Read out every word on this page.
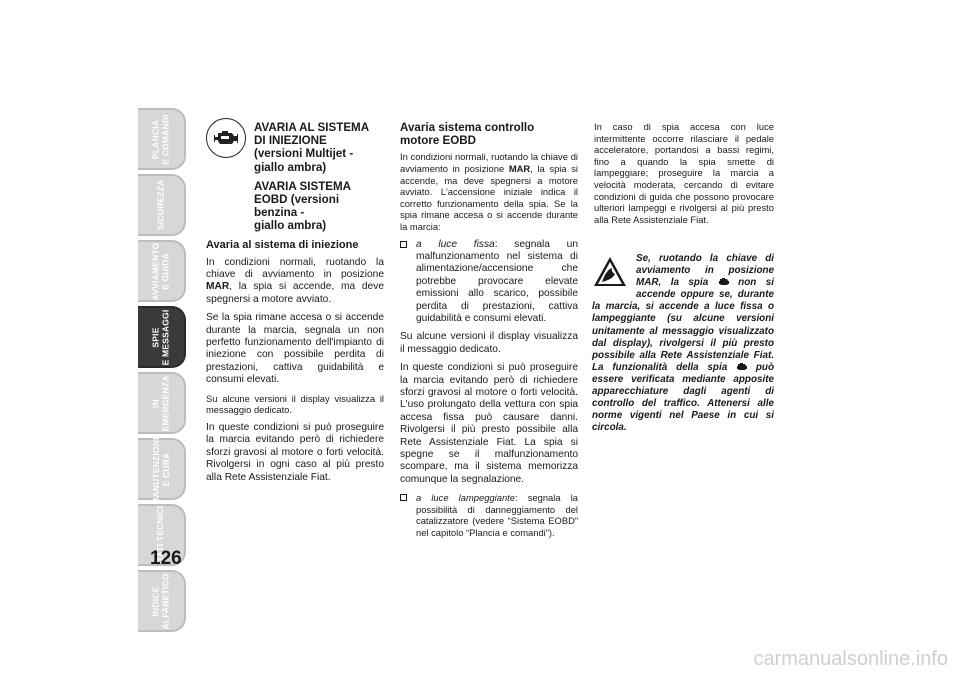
PLANCIA
E COMANDI
SICUREZZA
AVVIAMENTO
E GUIDA
SPIE
E MESSAGGI
IN
EMERGENZA
MANUTENZIONE
E CURA
DATI TECNICI
INDICE
ALFABETICO
126
AVARIA AL SISTEMA
DI INIEZIONE
(versioni Multijet -
giallo ambra)
AVARIA SISTEMA
EOBD (versioni benzina -
giallo ambra)
Avaria al sistema di iniezione

In condizioni normali, ruotando la chiave di avviamento in posizione MAR, la spia si accende, ma deve spegnersi a motore avviato.

Se la spia rimane accesa o si accende durante la marcia, segnala un non perfetto funzionamento dell'impianto di iniezione con possibile perdita di prestazioni, cattiva guidabilità e consumi elevati.

Su alcune versioni il display visualizza il messaggio dedicato.

In queste condizioni si può proseguire la marcia evitando però di richiedere sforzi gravosi al motore o forti velocità. Rivolgersi in ogni caso al più presto alla Rete Assistenziale Fiat.

Avaria sistema controllo
motore EOBD

In condizioni normali, ruotando la chiave di avviamento in posizione MAR, la spia si accende, ma deve spegnersi a motore avviato. L'accensione iniziale indica il corretto funzionamento della spia. Se la spia rimane accesa o si accende durante la marcia:

a luce fissa: segnala un malfunzionamento nel sistema di alimentazione/accensione che potrebbe provocare elevate emissioni allo scarico, possibile perdita di prestazioni, cattiva guidabilità e consumi elevati.

Su alcune versioni il display visualizza il messaggio dedicato.

In queste condizioni si può proseguire la marcia evitando però di richiedere sforzi gravosi al motore o forti velocità. L'uso prolungato della vettura con spia accesa fissa può causare danni. Rivolgersi il più presto possibile alla Rete Assistenziale Fiat. La spia si spegne se il malfunzionamento scompare, ma il sistema memorizza comunque la segnalazione.

a luce lampeggiante: segnala la possibilità di danneggiamento del catalizzatore (vedere “Sistema EOBD” nel capitolo “Plancia e comandi”).

In caso di spia accesa con luce intermittente occorre rilasciare il pedale acceleratore, portandosi a bassi regimi, fino a quando la spia smette di lampeggiare; proseguire la marcia a velocità moderata, cercando di evitare condizioni di guida che possono provocare ulteriori lampeggi e rivolgersi al più presto alla Rete Assistenziale Fiat.

Se, ruotando la chiave di avviamento in posizione MAR, la spia  non si accende oppure se, durante la marcia, si accende a luce fissa o lampeggiante (su alcune versioni unitamente al messaggio visualizzato dal display), rivolgersi il più presto possibile alla Rete Assistenziale Fiat. La funzionalità della spia  può essere verificata mediante apposite apparecchiature dagli agenti di controllo del traffico. Attenersi alle norme vigenti nel Paese in cui si circola.
carmanualsonline.info
